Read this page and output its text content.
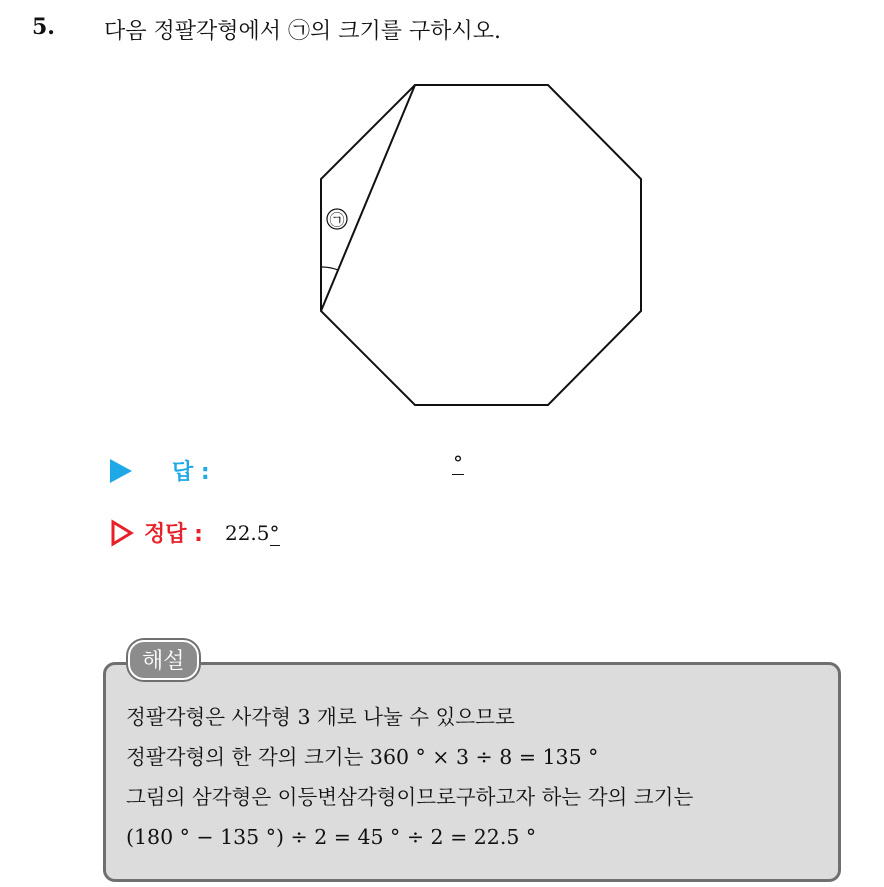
5. 다음 정팔각형에서 ㉠의 크기를 구하시오.
㉠
답 :	°
정답 : 22.5°
해설
정팔각형은 사각형 3 개로 나눌 수 있으므로
정팔각형의 한 각의 크기는 360 ° × 3 ÷ 8 = 135 °
그림의 삼각형은 이등변삼각형이므로구하고자 하는 각의 크기는
(180 ° − 135 °) ÷ 2 = 45 ° ÷ 2 = 22.5 °
